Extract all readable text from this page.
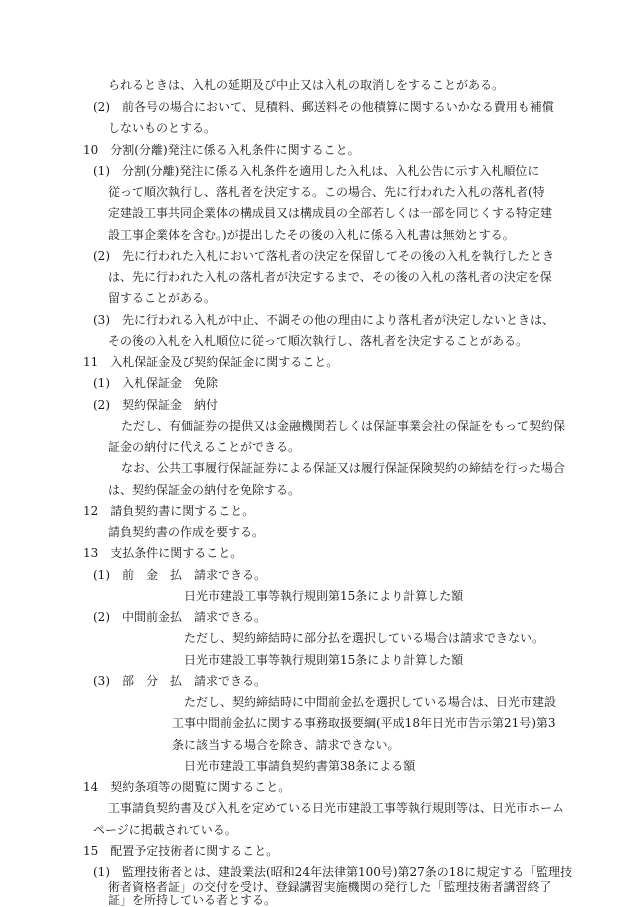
られるときは、入札の延期及び中止又は入札の取消しをすることがある。
(2)　前各号の場合において、見積料、郵送料その他積算に関するいかなる費用も補償
しないものとする。
10　分割(分離)発注に係る入札条件に関すること。
(1)　分割(分離)発注に係る入札条件を適用した入札は、入札公告に示す入札順位に
従って順次執行し、落札者を決定する。この場合、先に行われた入札の落札者(特
定建設工事共同企業体の構成員又は構成員の全部若しくは一部を同じくする特定建
設工事企業体を含む。)が提出したその後の入札に係る入札書は無効とする。
(2)　先に行われた入札において落札者の決定を保留してその後の入札を執行したとき
は、先に行われた入札の落札者が決定するまで、その後の入札の落札者の決定を保
留することがある。
(3)　先に行われる入札が中止、不調その他の理由により落札者が決定しないときは、
その後の入札を入札順位に従って順次執行し、落札者を決定することがある。
11　入札保証金及び契約保証金に関すること。
(1)　入札保証金　免除
(2)　契約保証金　納付
ただし、有価証券の提供又は金融機関若しくは保証事業会社の保証をもって契約保
証金の納付に代えることができる。
なお、公共工事履行保証証券による保証又は履行保証保険契約の締結を行った場合
は、契約保証金の納付を免除する。
12　請負契約書に関すること。
請負契約書の作成を要する。
13　支払条件に関すること。
(1)　前　金　払　請求できる。
日光市建設工事等執行規則第15条により計算した額
(2)　中間前金払　請求できる。
ただし、契約締結時に部分払を選択している場合は請求できない。
日光市建設工事等執行規則第15条により計算した額
(3)　部　分　払　請求できる。
ただし、契約締結時に中間前金払を選択している場合は、日光市建設
工事中間前金払に関する事務取扱要綱(平成18年日光市告示第21号)第3
条に該当する場合を除き、請求できない。
日光市建設工事請負契約書第38条による額
14　契約条項等の閲覧に関すること。
工事請負契約書及び入札を定めている日光市建設工事等執行規則等は、日光市ホーム
ページに掲載されている。
15　配置予定技術者に関すること。
(1)　監理技術者とは、建設業法(昭和24年法律第100号)第27条の18に規定する「監理技
術者資格者証」の交付を受け、登録講習実施機関の発行した「監理技術者講習終了
証」を所持している者とする。
